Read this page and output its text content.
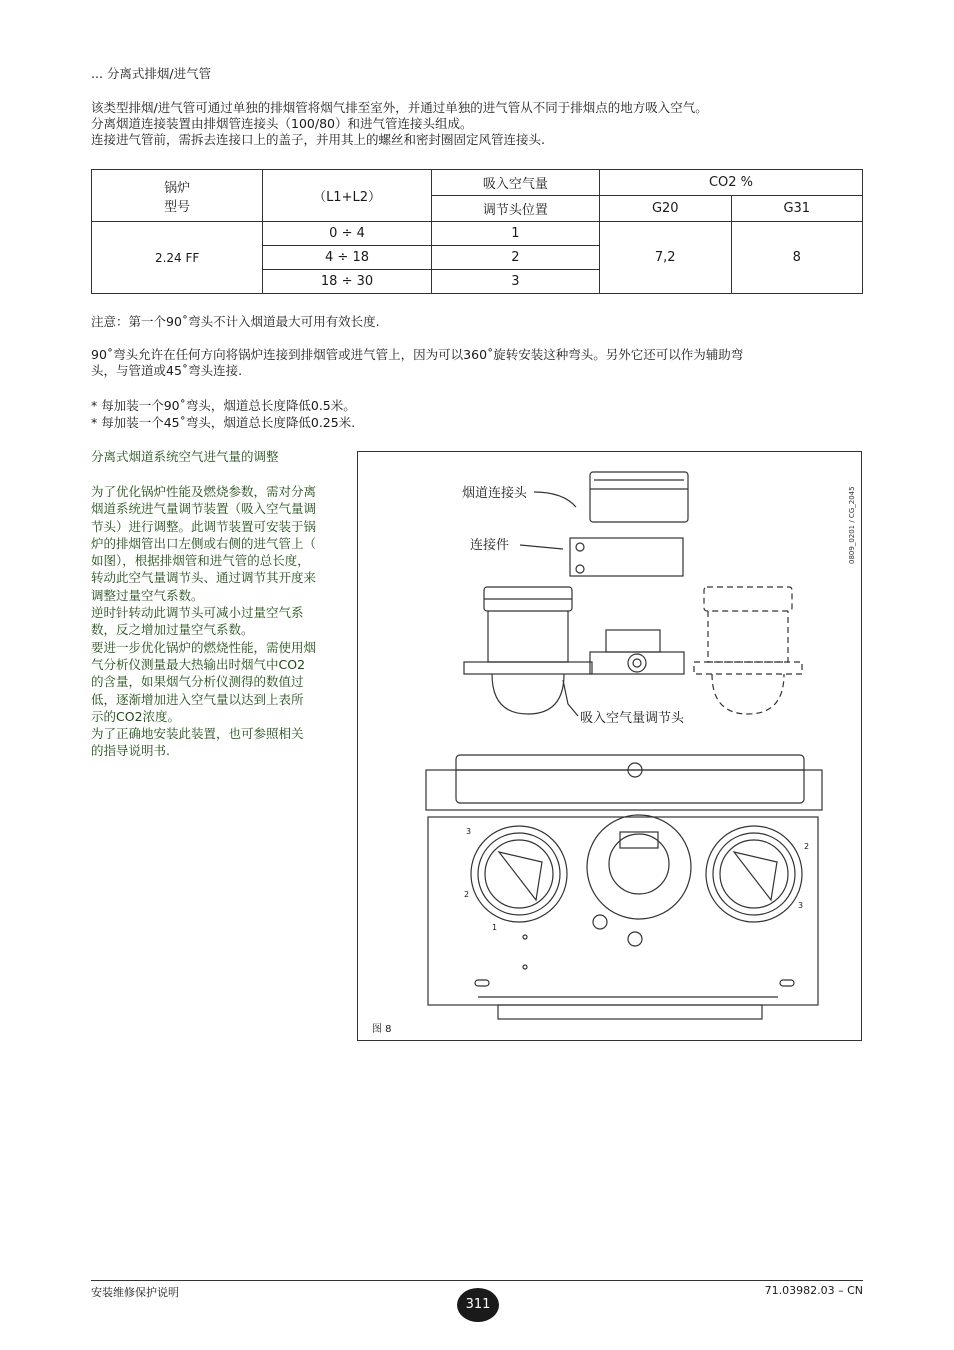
... 分离式排烟/进气管
该类型排烟/进气管可通过单独的排烟管将烟气排至室外，并通过单独的进气管从不同于排烟点的地方吸入空气。
分离烟道连接装置由排烟管连接头（100/80）和进气管连接头组成。
连接进气管前，需拆去连接口上的盖子，并用其上的螺丝和密封圈固定风管连接头.
锅炉
型号	（L1+L2）	吸入空气量	CO2 %	
		调节头位置	G20	G31
2.24 FF	0 ÷ 4	1	7,2	8
	4 ÷ 18	2		
	18 ÷ 30	3		
注意：第一个90˚弯头不计入烟道最大可用有效长度.
90˚弯头允许在任何方向将锅炉连接到排烟管或进气管上，因为可以360˚旋转安装这种弯头。另外它还可以作为辅助弯
头，与管道或45˚弯头连接.
* 每加装一个90˚弯头，烟道总长度降低0.5米。
* 每加装一个45˚弯头，烟道总长度降低0.25米.
分离式烟道系统空气进气量的调整
为了优化锅炉性能及燃烧参数，需对分离
烟道系统进气量调节装置（吸入空气量调
节头）进行调整。此调节装置可安装于锅
炉的排烟管出口左侧或右侧的进气管上（
如图），根据排烟管和进气管的总长度，
转动此空气量调节头、通过调节其开度来
调整过量空气系数。
逆时针转动此调节头可减小过量空气系
数，反之增加过量空气系数。
要进一步优化锅炉的燃烧性能，需使用烟
气分析仪测量最大热输出时烟气中CO2
的含量，如果烟气分析仪测得的数值过
低，逐渐增加进入空气量以达到上表所
示的CO2浓度。
为了正确地安装此装置，也可参照相关
的指导说明书.
烟道连接头
连接件
吸入空气量调节头
0809_0201 / CG_2045
图 8
3
2
1
2
3
安装维修保护说明
311
71.03982.03 – CN
